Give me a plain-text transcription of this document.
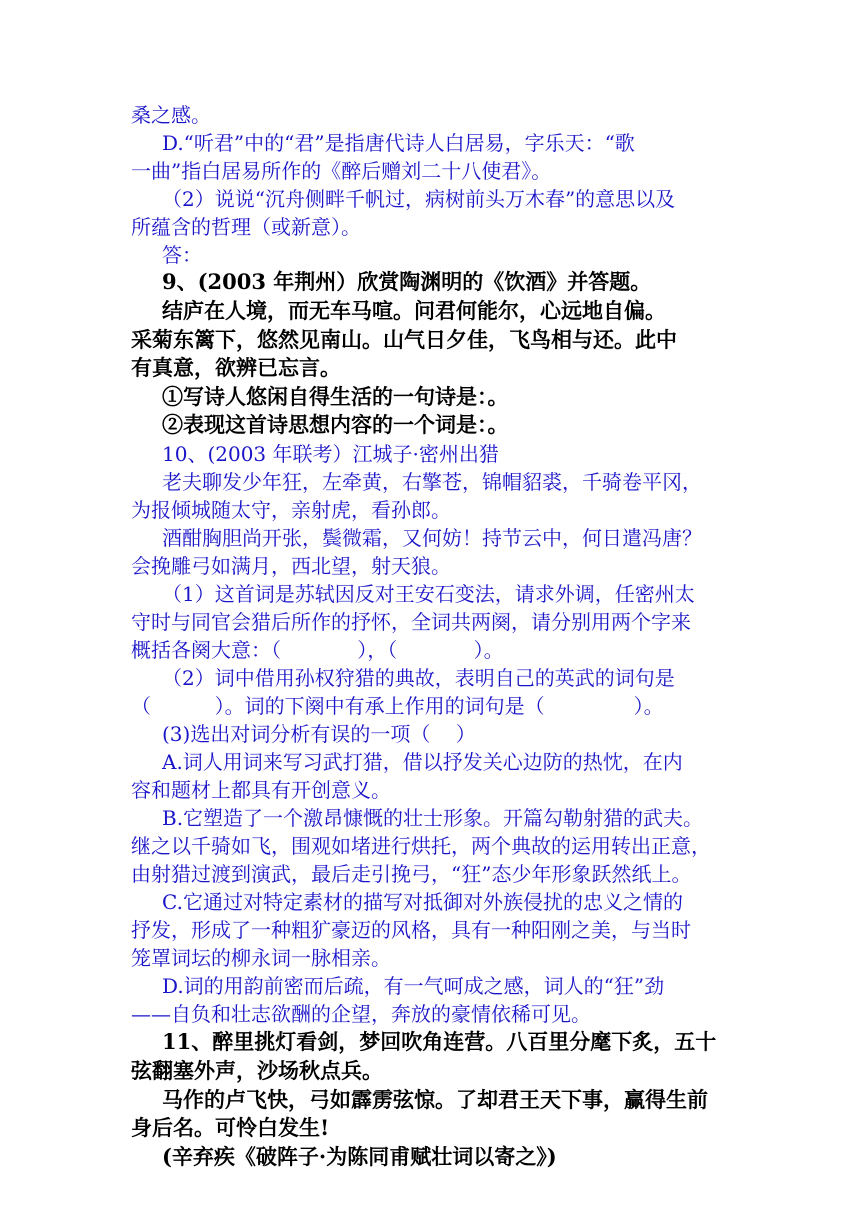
桑之感。
D.“听君”中的“君”是指唐代诗人白居易，字乐天：“歌
一曲”指白居易所作的《醉后赠刘二十八使君》。
（2）说说“沉舟侧畔千帆过，病树前头万木春”的意思以及
所蕴含的哲理（或新意）。
答：
9、(2003 年荆州）欣赏陶渊明的《饮酒》并答题。
结庐在人境，而无车马喧。问君何能尔，心远地自偏。
采菊东篱下，悠然见南山。山气日夕佳，飞鸟相与还。此中
有真意，欲辨已忘言。
①写诗人悠闲自得生活的一句诗是：。
②表现这首诗思想内容的一个词是：。
10、(2003 年联考）江城子·密州出猎
老夫聊发少年狂，左牵黄，右擎苍，锦帽貂裘，千骑卷平冈，
为报倾城随太守，亲射虎，看孙郎。
酒酣胸胆尚开张，鬓微霜，又何妨！持节云中，何日遣冯唐？
会挽雕弓如满月，西北望，射天狼。
（1）这首词是苏轼因反对王安石变法，请求外调，任密州太
守时与同官会猎后所作的抒怀，全词共两阕，请分别用两个字来
概括各阕大意：（            ），（            ）。
（2）词中借用孙权狩猎的典故，表明自己的英武的词句是
（          ）。词的下阕中有承上作用的词句是（              ）。
(3)选出对词分析有误的一项（    ）
A.词人用词来写习武打猎，借以抒发关心边防的热忱，在内
容和题材上都具有开创意义。
B.它塑造了一个激昂慷慨的壮士形象。开篇勾勒射猎的武夫。
继之以千骑如飞，围观如堵进行烘托，两个典故的运用转出正意，
由射猎过渡到演武，最后走引挽弓，“狂”态少年形象跃然纸上。
C.它通过对特定素材的描写对抵御对外族侵扰的忠义之情的
抒发，形成了一种粗犷豪迈的风格，具有一种阳刚之美，与当时
笼罩词坛的柳永词一脉相亲。
D.词的用韵前密而后疏，有一气呵成之感，词人的“狂”劲
——自负和壮志欲酬的企望，奔放的豪情依稀可见。
11、醉里挑灯看剑，梦回吹角连营。八百里分麾下炙，五十
弦翻塞外声，沙场秋点兵。
马作的卢飞快，弓如霹雳弦惊。了却君王天下事，赢得生前
身后名。可怜白发生!
(辛弃疾《破阵子·为陈同甫赋壮词以寄之》)
